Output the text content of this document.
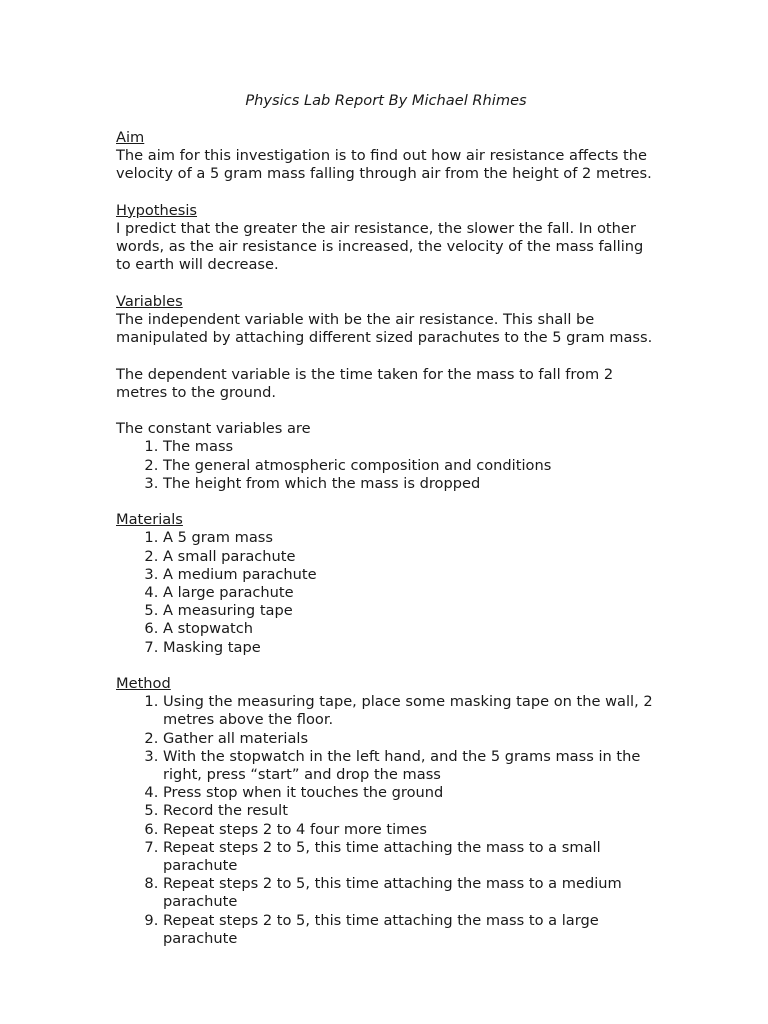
Physics Lab Report By Michael Rhimes
Aim

The aim for this investigation is to find out how air resistance affects the velocity of a 5 gram mass falling through air from the height of 2 metres.

Hypothesis

I predict that the greater the air resistance, the slower the fall. In other words, as the air resistance is increased, the velocity of the mass falling to earth will decrease.

Variables

The independent variable with be the air resistance. This shall be manipulated by attaching different sized parachutes to the 5 gram mass.

The dependent variable is the time taken for the mass to fall from 2 metres to the ground.

The constant variables are

1. The mass
2. The general atmospheric composition and conditions
3. The height from which the mass is dropped
Materials
1. A 5 gram mass
2. A small parachute
3. A medium parachute
4. A large parachute
5. A measuring tape
6. A stopwatch
7. Masking tape
Method
1. Using the measuring tape, place some masking tape on the wall, 2 metres above the floor.
2. Gather all materials
3. With the stopwatch in the left hand, and the 5 grams mass in the right, press “start” and drop the mass
4. Press stop when it touches the ground
5. Record the result
6. Repeat steps 2 to 4 four more times
7. Repeat steps 2 to 5, this time attaching the mass to a small parachute
8. Repeat steps 2 to 5, this time attaching the mass to a medium parachute
9. Repeat steps 2 to 5, this time attaching the mass to a large parachute
